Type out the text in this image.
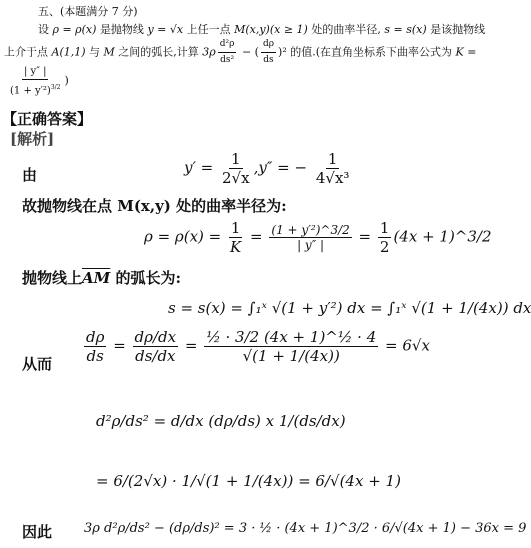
五、(本题满分 7 分)
设 ρ = ρ(x) 是抛物线 y = √x 上任一点 M(x,y)(x ≥ 1) 处的曲率半径, s = s(x) 是该抛物线
上介于点 A(1,1) 与 M 之间的弧长,计算 $3\rho \frac{\text{d²ρ}}{\text{ds²}}$ − ( $\frac{d\rho}{ds} )^2$ 的值.(在直角坐标系下曲率公式为 K =
$\frac{| y'' |}{(1 + y'^2)^{3/2}}$ )
【正确答案】
[解析]
由	$y' = \frac{1}{2√x} ,y''$ = − $\frac{1}{\text{4√x³}}$
故抛物线在点 M(x,y) 处的曲率半径为:
$\rho = \rho(x) = \frac{1}{K} = \frac{\text{(1 + y′²)\textasciicircum{}3/2}}{| y'' |} = \frac{1}{2} (4x$ + 1)^3/2
抛物线上$\overline{AM}$ 的弧长为:
s = s(x) = ∫₁ˣ √(1 + y′²) dx = ∫₁ˣ √(1 + 1/(4x)) dx
从而 $\frac{d\rho}{ds} = \frac{d\rho/dx}{ds/dx} = \frac{\text{½ · 3/2 (4x + 1)\textasciicircum{}½ · 4}}{√(1 + 1/(4x))} = 6√x$
d²ρ/ds² = d/dx (dρ/ds) x 1/(ds/dx)
= 6/(2√x) · 1/√(1 + 1/(4x)) = 6/√(4x + 1)
因此 3ρ d²ρ/ds² − (dρ/ds)² = 3 · ½ · (4x + 1)^3/2 · 6/√(4x + 1) − 36x = 9
